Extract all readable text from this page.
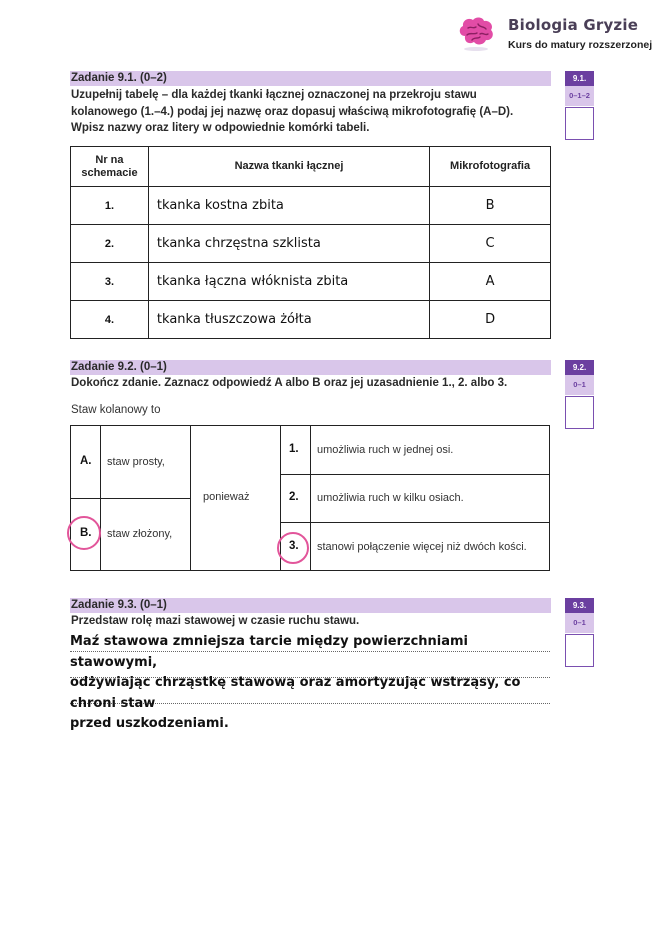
Biologia Gryzie
Kurs do matury rozszerzonej
Zadanie 9.1. (0–2)
Uzupełnij tabelę – dla każdej tkanki łącznej oznaczonej na przekroju stawu
kolanowego (1.–4.) podaj jej nazwę oraz dopasuj właściwą mikrofotografię (A–D).
Wpisz nazwy oraz litery w odpowiednie komórki tabeli.
9.1.
0–1–2
Nr na
schemacie	Nazwa tkanki łącznej	Mikrofotografia
1.	tkanka kostna zbita	B
2.	tkanka chrzęstna szklista	C
3.	tkanka łączna włóknista zbita	A
4.	tkanka tłuszczowa żółta	D
Zadanie 9.2. (0–1)
Dokończ zdanie. Zaznacz odpowiedź A albo B oraz jej uzasadnienie 1., 2. albo 3.
9.2.
0–1
Staw kolanowy to
A. staw prosty,
B. staw złożony,
ponieważ
1. umożliwia ruch w jednej osi.
2. umożliwia ruch w kilku osiach.
3. stanowi połączenie więcej niż dwóch kości.
Zadanie 9.3. (0–1)
Przedstaw rolę mazi stawowej w czasie ruchu stawu.
9.3.
0–1
Maź stawowa zmniejsza tarcie między powierzchniami stawowymi,
odżywiając chrząstkę stawową oraz amortyzując wstrząsy, co chroni staw
przed uszkodzeniami.
